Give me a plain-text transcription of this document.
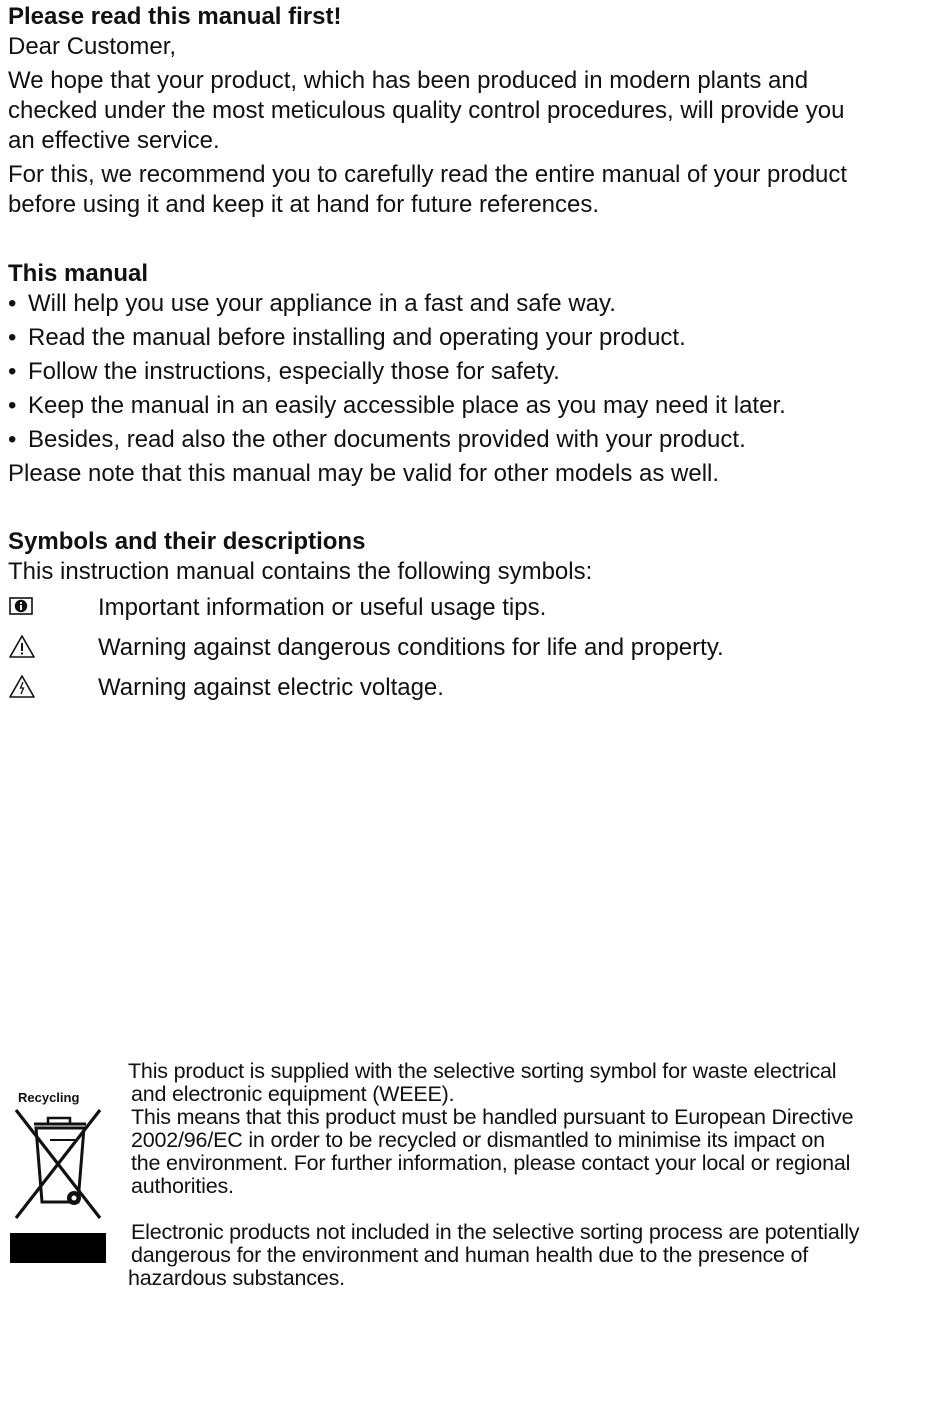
Please read this manual first!

Dear Customer,

We hope that your product, which has been produced in modern plants and

checked under the most meticulous quality control procedures, will provide you

an effective service.

For this, we recommend you to carefully read the entire manual of your product

before using it and keep it at hand for future references.

This manual

• Will help you use your appliance in a fast and safe way.

• Read the manual before installing and operating your product.

• Follow the instructions, especially those for safety.

• Keep the manual in an easily accessible place as you may need it later.

• Besides, read also the other documents provided with your product.

Please note that this manual may be valid for other models as well.

Symbols and their descriptions

This instruction manual contains the following symbols:

Important information or useful usage tips.
Warning against dangerous conditions for life and property.
Warning against electric voltage.
Recycling

This product is supplied with the selective sorting symbol for waste electrical

and electronic equipment (WEEE).

This means that this product must be handled pursuant to European Directive

2002/96/EC in order to be recycled or dismantled to minimise its impact on

the environment. For further information, please contact your local or regional

authorities.

Electronic products not included in the selective sorting process are potentially

dangerous for the environment and human health due to the presence of

hazardous substances.
